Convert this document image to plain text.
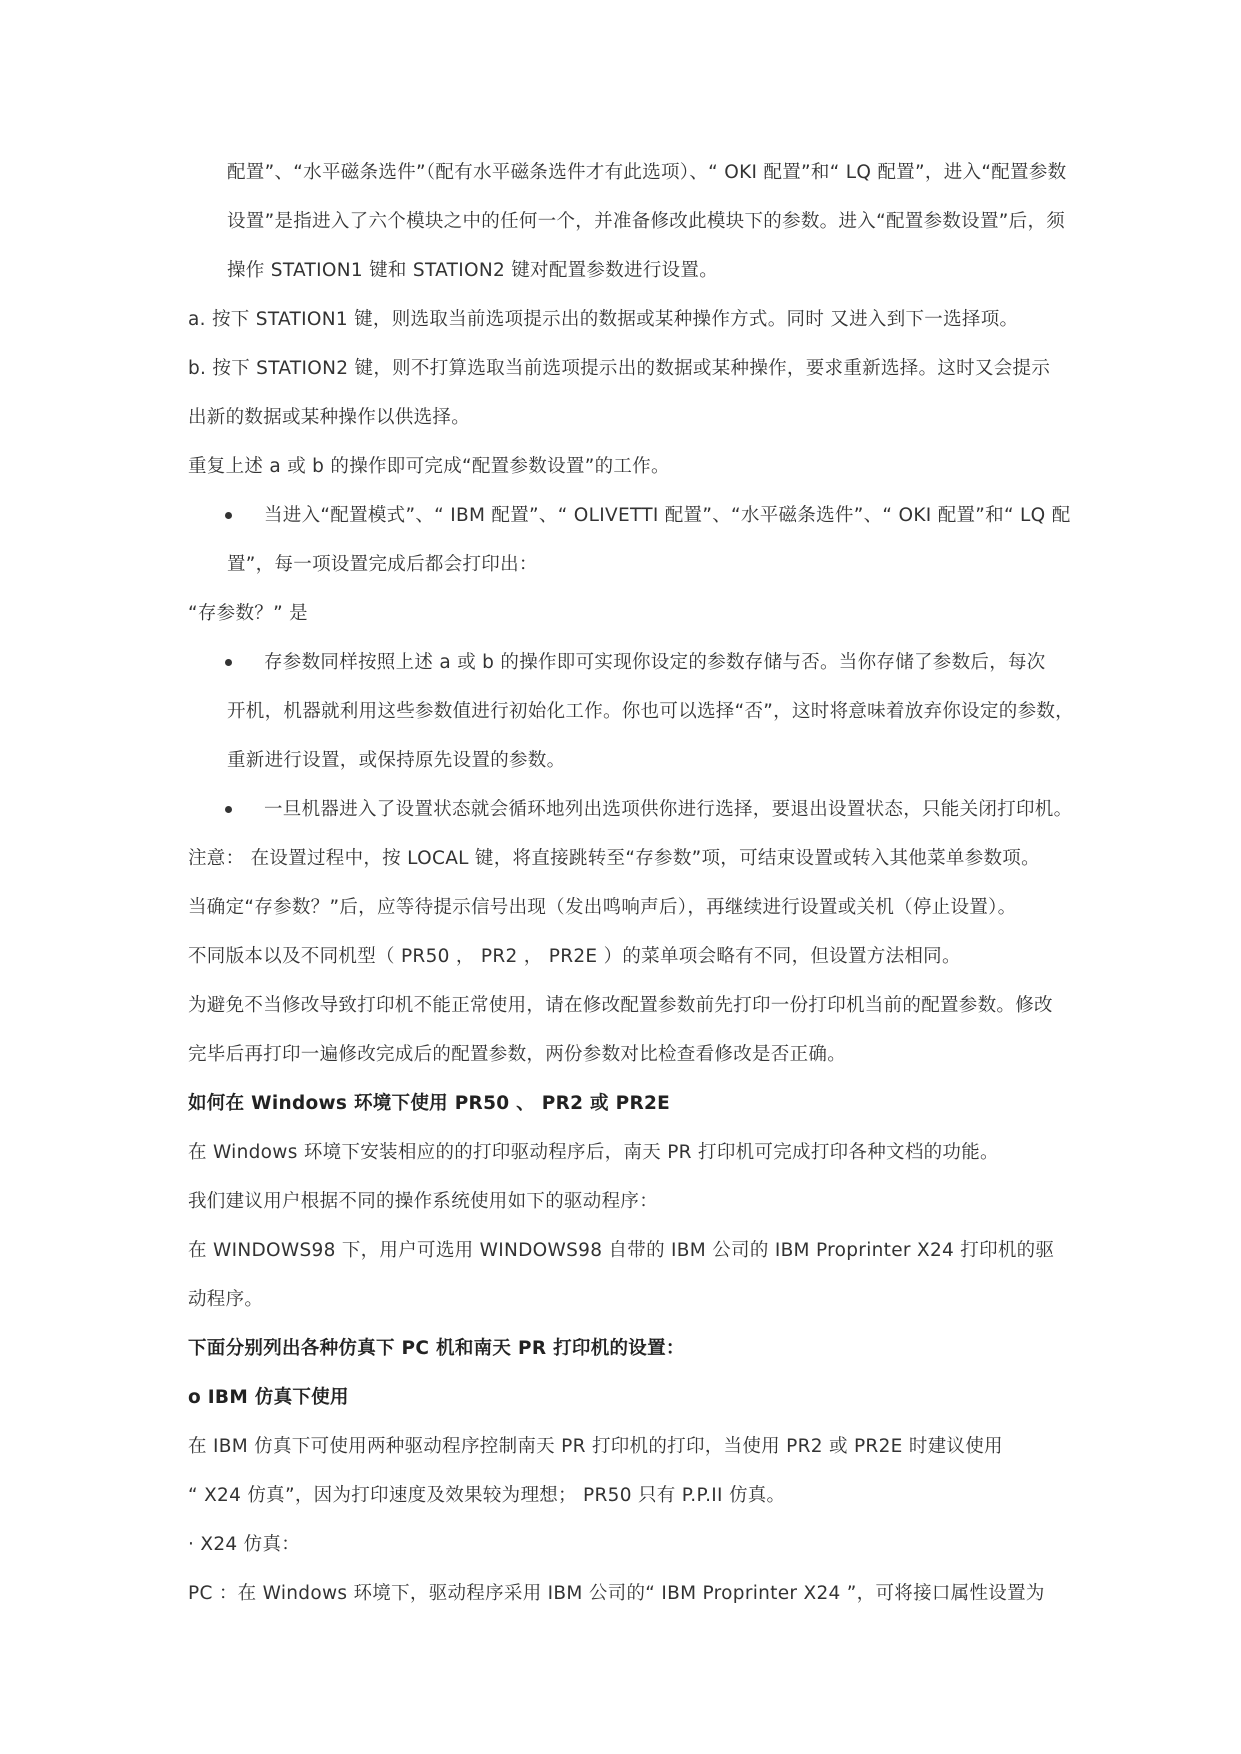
配置”、“水平磁条选件”（配有水平磁条选件才有此选项）、“ OKI 配置”和“ LQ 配置”，进入“配置参数
设置”是指进入了六个模块之中的任何一个，并准备修改此模块下的参数。进入“配置参数设置”后，须
操作 STATION1 键和 STATION2 键对配置参数进行设置。
a. 按下 STATION1 键，则选取当前选项提示出的数据或某种操作方式。同时 又进入到下一选择项。
b. 按下 STATION2 键，则不打算选取当前选项提示出的数据或某种操作，要求重新选择。这时又会提示
出新的数据或某种操作以供选择。
重复上述 a 或 b 的操作即可完成“配置参数设置”的工作。
当进入“配置模式”、“ IBM 配置”、“ OLIVETTI 配置”、“水平磁条选件”、“ OKI 配置”和“ LQ 配
置”，每一项设置完成后都会打印出：
“存参数？” 是
存参数同样按照上述 a 或 b 的操作即可实现你设定的参数存储与否。当你存储了参数后，每次
开机，机器就利用这些参数值进行初始化工作。你也可以选择“否”，这时将意味着放弃你设定的参数，
重新进行设置，或保持原先设置的参数。
一旦机器进入了设置状态就会循环地列出选项供你进行选择，要退出设置状态，只能关闭打印机。
注意： 在设置过程中，按 LOCAL 键，将直接跳转至“存参数”项，可结束设置或转入其他菜单参数项。
当确定“存参数？”后，应等待提示信号出现（发出鸣响声后），再继续进行设置或关机（停止设置）。
不同版本以及不同机型（ PR50 ， PR2 ， PR2E ）的菜单项会略有不同，但设置方法相同。
为避免不当修改导致打印机不能正常使用，请在修改配置参数前先打印一份打印机当前的配置参数。修改
完毕后再打印一遍修改完成后的配置参数，两份参数对比检查看修改是否正确。
如何在 Windows 环境下使用 PR50 、 PR2 或 PR2E
在 Windows 环境下安装相应的的打印驱动程序后，南天 PR 打印机可完成打印各种文档的功能。
我们建议用户根据不同的操作系统使用如下的驱动程序：
在 WINDOWS98 下，用户可选用 WINDOWS98 自带的 IBM 公司的 IBM Proprinter X24 打印机的驱
动程序。
下面分别列出各种仿真下 PC 机和南天 PR 打印机的设置：
o IBM 仿真下使用
在 IBM 仿真下可使用两种驱动程序控制南天 PR 打印机的打印，当使用 PR2 或 PR2E 时建议使用
“ X24 仿真”，因为打印速度及效果较为理想； PR50 只有 P.P.II 仿真。
· X24 仿真：
PC ：在 Windows 环境下，驱动程序采用 IBM 公司的“ IBM Proprinter X24 ”，可将接口属性设置为
